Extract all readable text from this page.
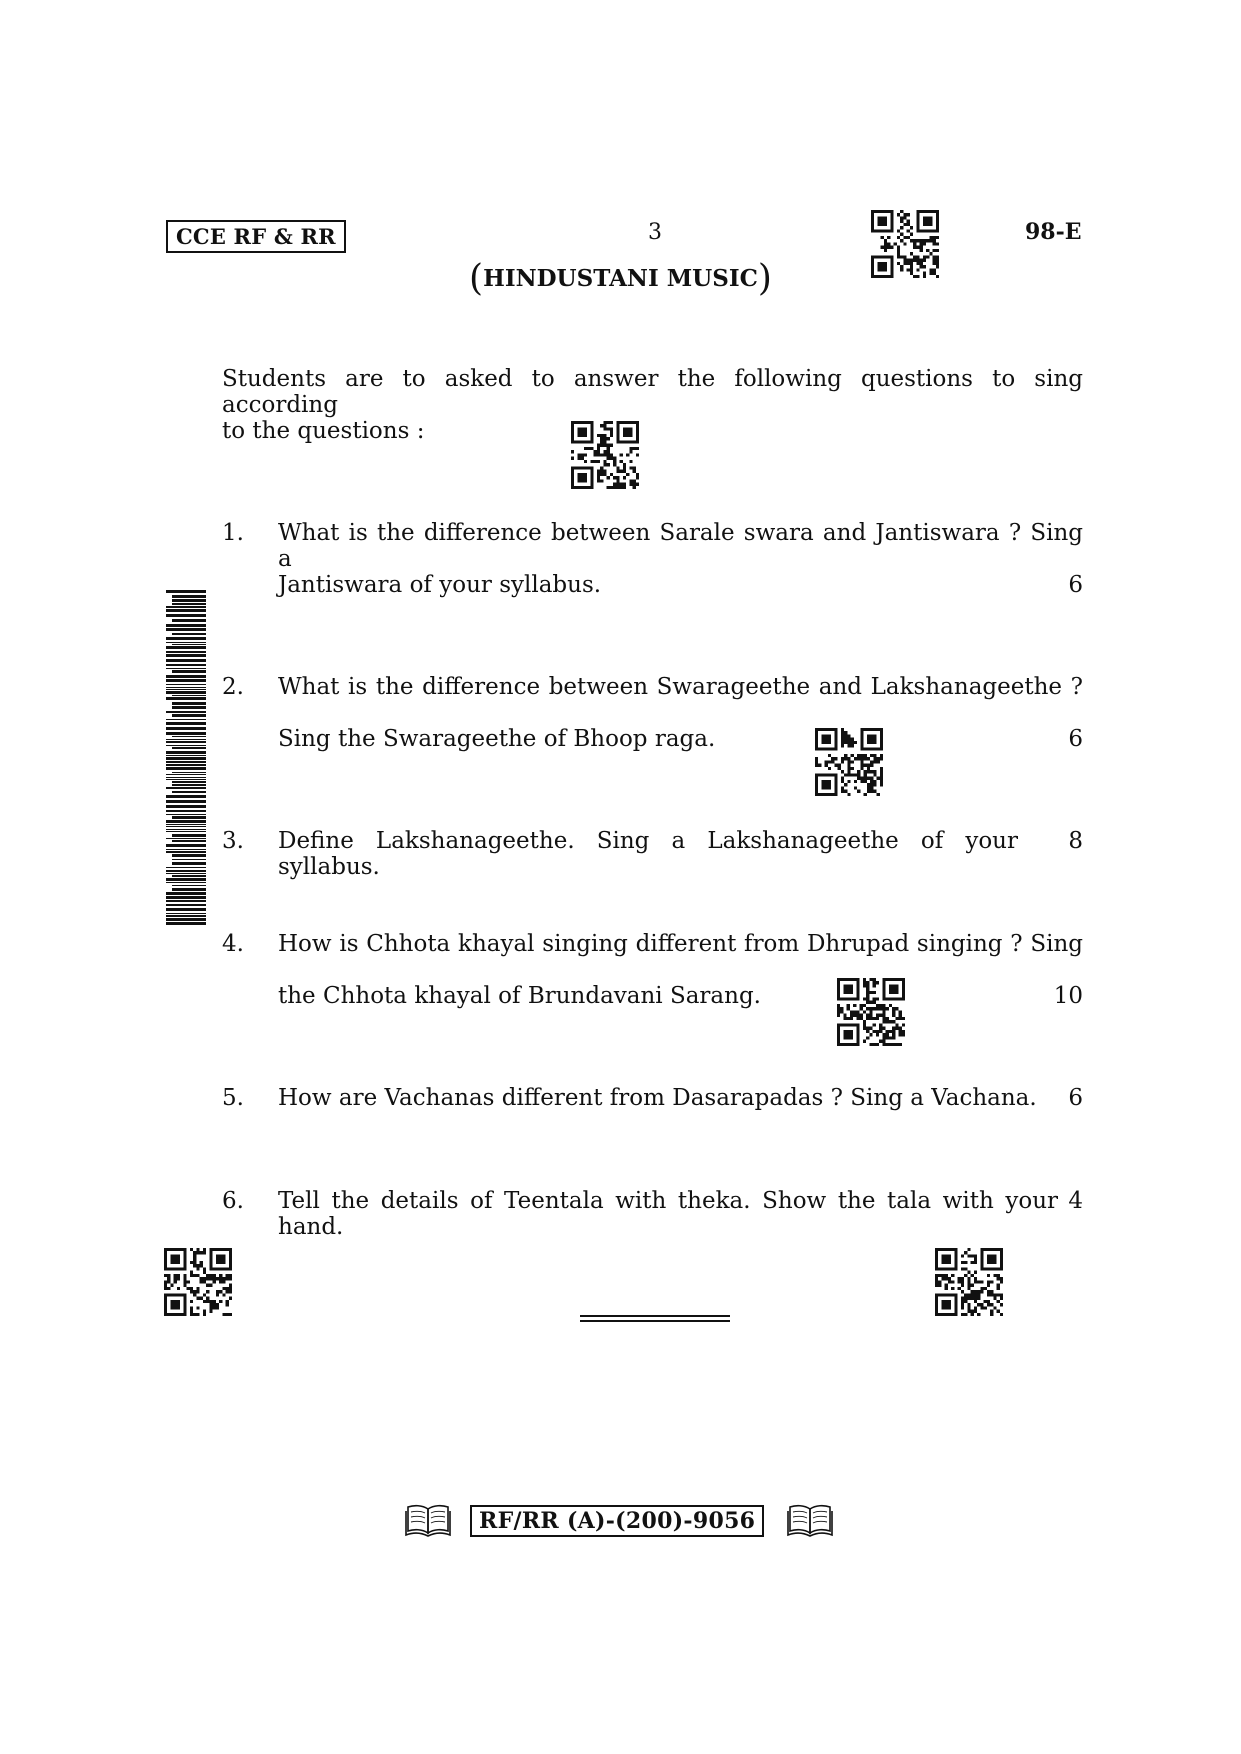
CCE RF & RR	3	98-E
(HINDUSTANI MUSIC)
Students are to asked to answer the following questions to sing according
to the questions :
1. What is the difference between Sarale swara and Jantiswara ? Sing a
Jantiswara of your syllabus.	6
2. What is the difference between Swarageethe and Lakshanageethe ?
Sing the Swarageethe of Bhoop raga.	6
3. Define Lakshanageethe. Sing a Lakshanageethe of your syllabus.
8
4. How is Chhota khayal singing different from Dhrupad singing ? Sing
the Chhota khayal of Brundavani Sarang.	10
5. How are Vachanas different from Dasarapadas ? Sing a Vachana. 6
6. Tell the details of Teentala with theka. Show the tala with your hand.
4
RF/RR (A)-(200)-9056
